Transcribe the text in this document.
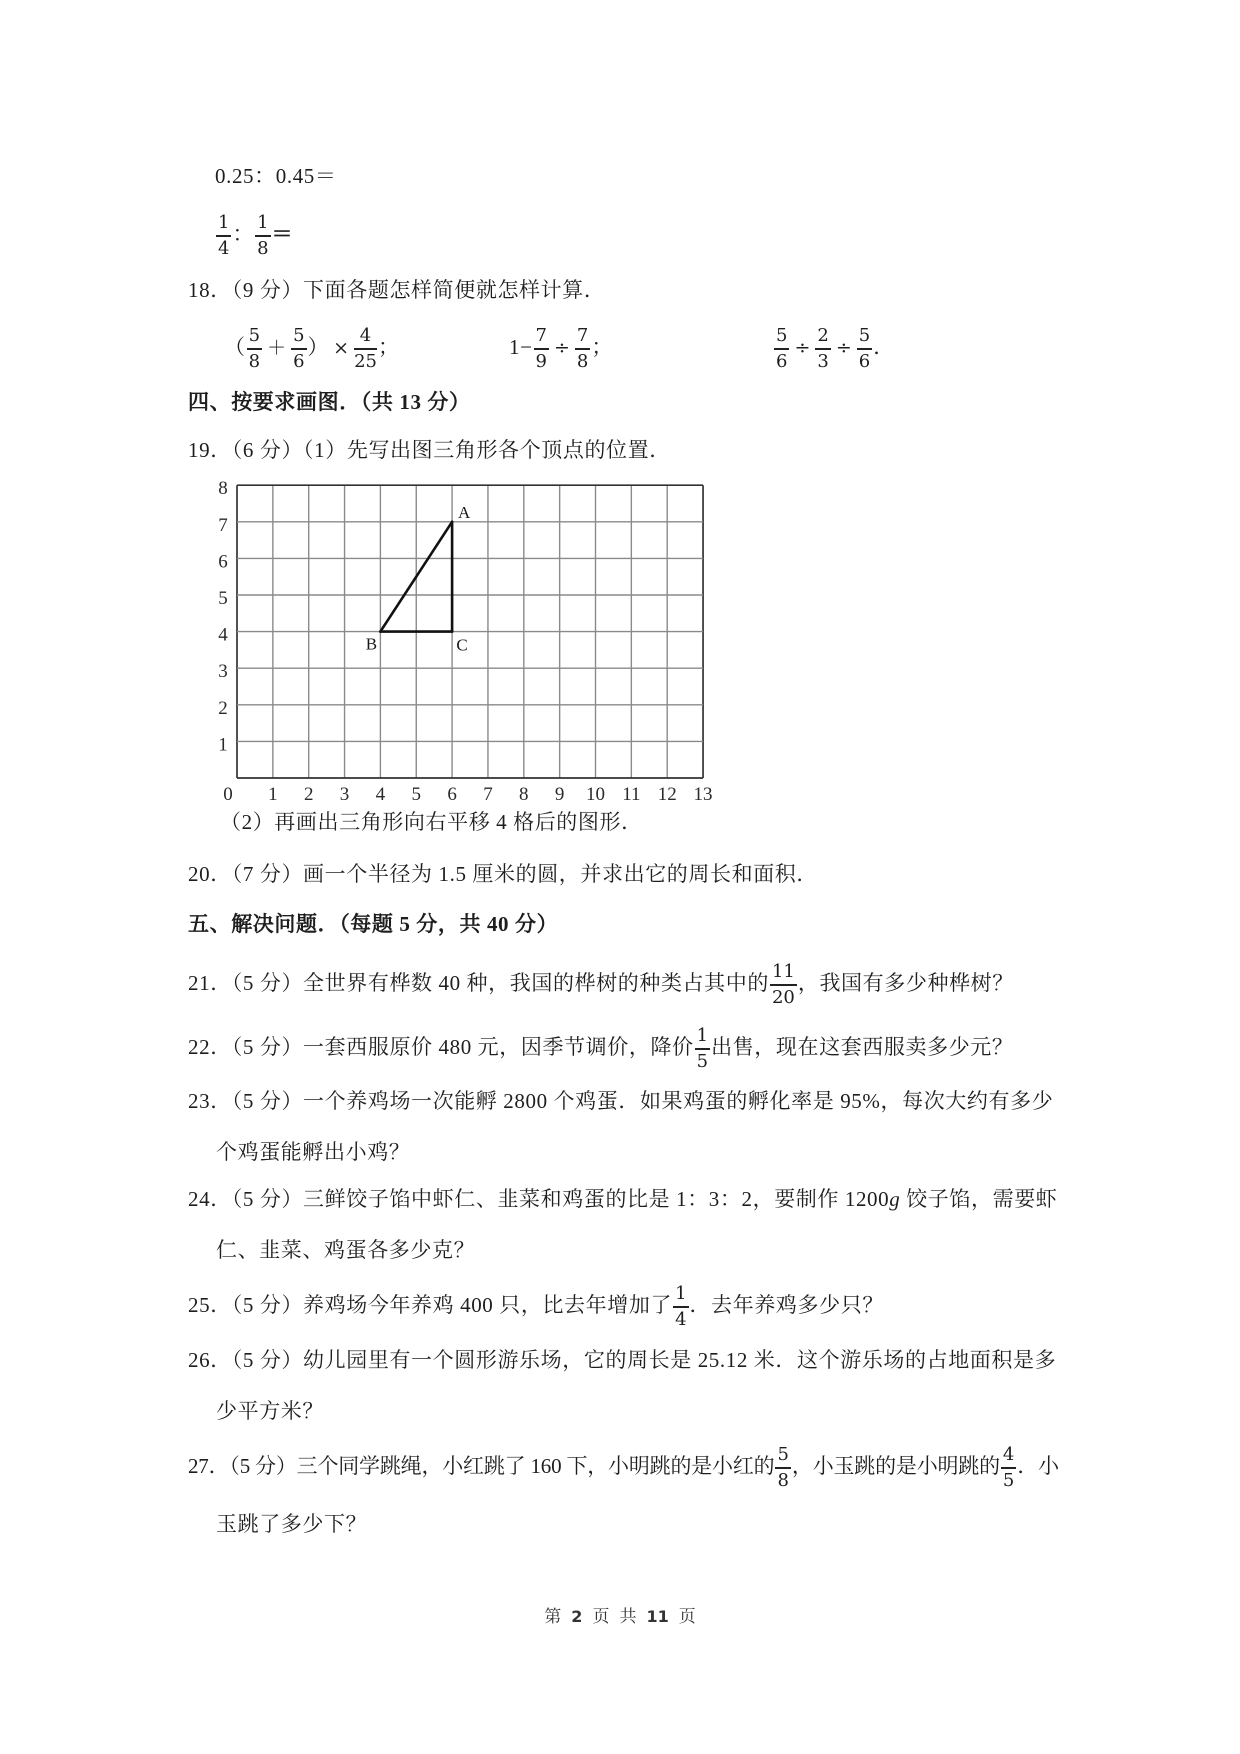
0.25：0.45＝
$\frac{1}{4}$ ： $\frac{1}{8}$ ＝
18．（9 分）下面各题怎样简便就怎样计算．
（ $\frac{5}{8} + \frac{5}{6}$ ） × $\frac{4}{25}$ ；	$1- \frac{7}{9} \div \frac{7}{8}$ ；	$\frac{5}{6} \div \frac{2}{3} \div \frac{5}{6}$ ．
四、按要求画图．（共 13 分）
19．（6 分）（1）先写出图三角形各个顶点的位置．
0 1 2 3 4 5 6 7 8 9 10 11 12 13
1
2
3
4
5
6
7
8
A
B	C
（2）再画出三角形向右平移 4 格后的图形．
20．（7 分）画一个半径为 1.5 厘米的圆，并求出它的周长和面积．
五、解决问题．（每题 5 分，共 40 分）
21．（5 分）全世界有桦数 40 种，我国的桦树的种类占其中的 $\frac{11}{20}$ ，我国有多少种桦树？
22．（5 分）一套西服原价 480 元，因季节调价，降价 $\frac{1}{5}$ 出售，现在这套西服卖多少元？
23．（5 分）一个养鸡场一次能孵 2800 个鸡蛋．如果鸡蛋的孵化率是 95%，每次大约有多少
个鸡蛋能孵出小鸡？
24．（5 分）三鲜饺子馅中虾仁、韭菜和鸡蛋的比是 1：3：2，要制作 1200g 饺子馅，需要虾
仁、韭菜、鸡蛋各多少克？
25．（5 分）养鸡场今年养鸡 400 只，比去年增加了 $\frac{1}{4}$ ．去年养鸡多少只？
26．（5 分）幼儿园里有一个圆形游乐场，它的周长是 25.12 米．这个游乐场的占地面积是多
少平方米？
27．（5 分）三个同学跳绳，小红跳了 160 下，小明跳的是小红的 $\frac{5}{8}$ ，小玉跳的是小明跳的 $\frac{4}{5}$ ．小
玉跳了多少下？
第 2 页 共 11 页
